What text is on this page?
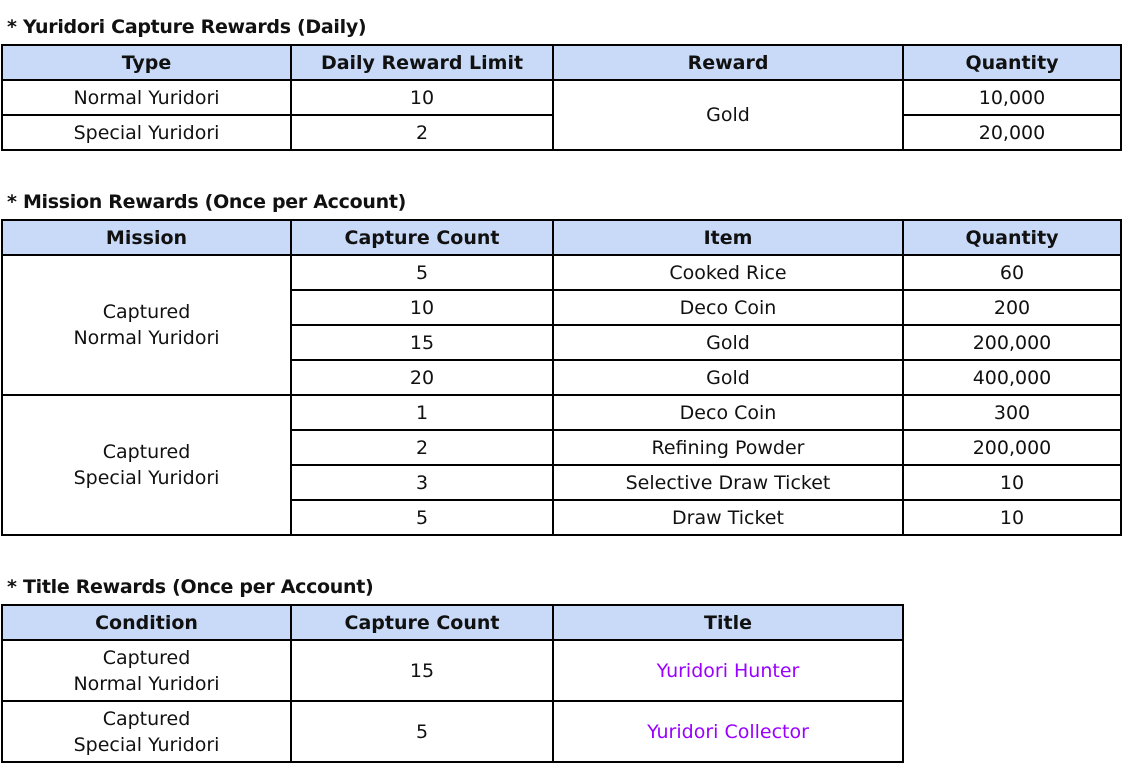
* Yuridori Capture Rewards (Daily)
Type	Daily Reward Limit	Reward	Quantity
Normal Yuridori	10	Gold	10,000
Special Yuridori	2		20,000
* Mission Rewards (Once per Account)
Mission	Capture Count	Item	Quantity

Captured
Normal Yuridori	5	Cooked Rice	60
	10	Deco Coin	200
	15	Gold	200,000
	20	Gold	400,000

Captured
Special Yuridori	1	Deco Coin	300
	2	Refining Powder	200,000
	3	Selective Draw Ticket	10
	5	Draw Ticket	10
* Title Rewards (Once per Account)
Condition	Capture Count	Title

Captured
Normal Yuridori	15	Yuridori Hunter

Captured
Special Yuridori	5	Yuridori Collector
